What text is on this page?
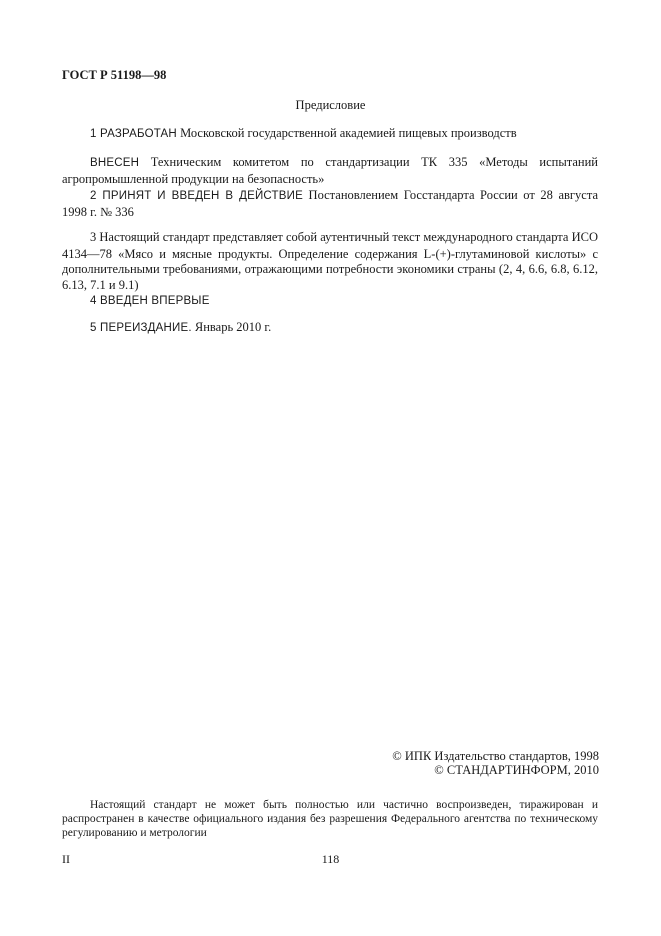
ГОСТ Р 51198—98
Предисловие
1 РАЗРАБОТАН Московской государственной академией пищевых производств
ВНЕСЕН Техническим комитетом по стандартизации ТК 335 «Методы испытаний агропромышленной продукции на безопасность»
2 ПРИНЯТ И ВВЕДЕН В ДЕЙСТВИЕ Постановлением Госстандарта России от 28 августа 1998 г. № 336
3 Настоящий стандарт представляет собой аутентичный текст международного стандарта ИСО 4134—78 «Мясо и мясные продукты. Определение содержания L-(+)-глутаминовой кислоты» с дополнительными требованиями, отражающими потребности экономики страны (2, 4, 6.6, 6.8, 6.12, 6.13, 7.1 и 9.1)
4 ВВЕДЕН ВПЕРВЫЕ
5 ПЕРЕИЗДАНИЕ. Январь 2010 г.
© ИПК Издательство стандартов, 1998
© СТАНДАРТИНФОРМ, 2010
Настоящий стандарт не может быть полностью или частично воспроизведен, тиражирован и распространен в качестве официального издания без разрешения Федерального агентства по техническому регулированию и метрологии
II	118
